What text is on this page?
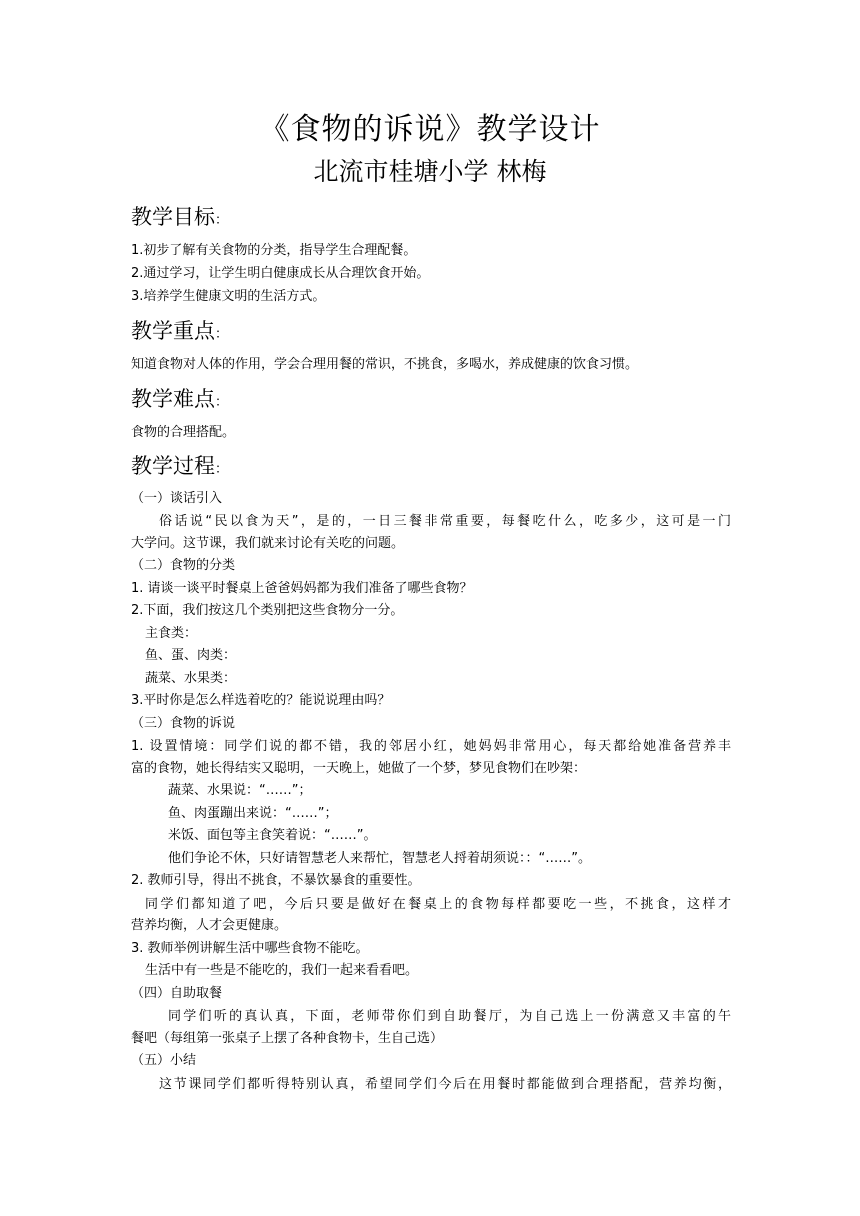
《食物的诉说》教学设计
北流市桂塘小学 林梅
教学目标：
1.初步了解有关食物的分类，指导学生合理配餐。
2.通过学习，让学生明白健康成长从合理饮食开始。
3.培养学生健康文明的生活方式。
教学重点：
知道食物对人体的作用，学会合理用餐的常识，不挑食，多喝水，养成健康的饮食习惯。
教学难点：
食物的合理搭配。
教学过程：
（一）谈话引入
俗话说“民以食为天”，是的，一日三餐非常重要，每餐吃什么，吃多少，这可是一门
大学问。这节课，我们就来讨论有关吃的问题。
（二）食物的分类
1. 请谈一谈平时餐桌上爸爸妈妈都为我们准备了哪些食物？
2.下面，我们按这几个类别把这些食物分一分。
主食类：
鱼、蛋、肉类：
蔬菜、水果类：
3.平时你是怎么样选着吃的？能说说理由吗？
（三）食物的诉说
1. 设置情境：同学们说的都不错，我的邻居小红，她妈妈非常用心，每天都给她准备营养丰
富的食物，她长得结实又聪明，一天晚上，她做了一个梦，梦见食物们在吵架：
蔬菜、水果说：“……”；
鱼、肉蛋蹦出来说：“……”；
米饭、面包等主食笑着说：“……”。
他们争论不休，只好请智慧老人来帮忙，智慧老人捋着胡须说：：“……”。
2. 教师引导，得出不挑食，不暴饮暴食的重要性。
同学们都知道了吧，今后只要是做好在餐桌上的食物每样都要吃一些，不挑食，这样才
营养均衡，人才会更健康。
3. 教师举例讲解生活中哪些食物不能吃。
生活中有一些是不能吃的，我们一起来看看吧。
（四）自助取餐
同学们听的真认真，下面，老师带你们到自助餐厅，为自己选上一份满意又丰富的午
餐吧（每组第一张桌子上摆了各种食物卡，生自己选）
（五）小结
这节课同学们都听得特别认真，希望同学们今后在用餐时都能做到合理搭配，营养均衡，
